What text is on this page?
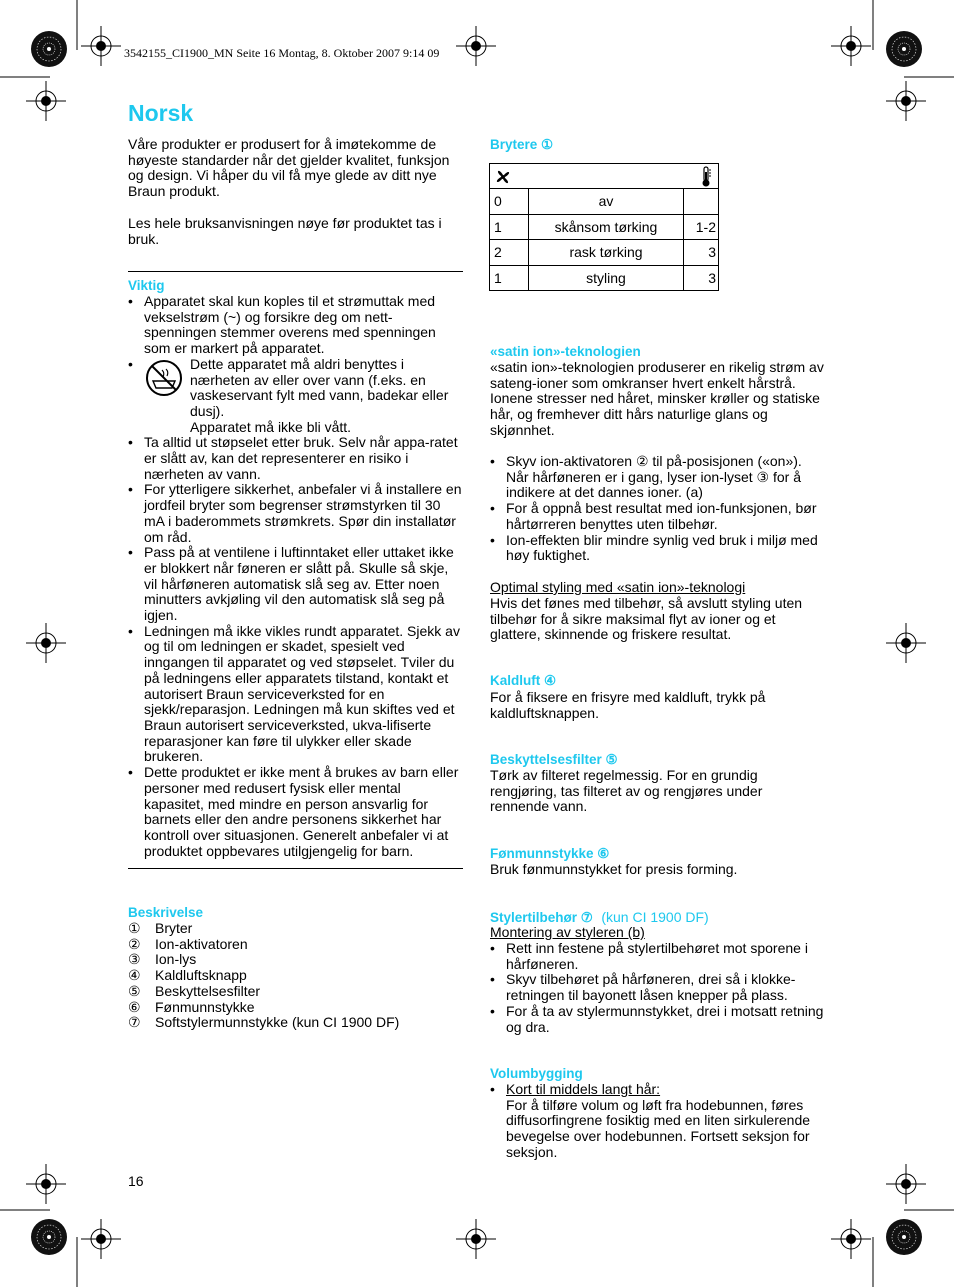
3542155_CI1900_MN Seite 16 Montag, 8. Oktober 2007 9:14 09
Norsk
Våre produkter er produsert for å imøtekomme de høyeste standarder når det gjelder kvalitet, funksjon og design. Vi håper du vil få mye glede av ditt nye Braun produkt.
Les hele bruksanvisningen nøye før produktet tas i bruk.
Viktig
• Apparatet skal kun koples til et strømuttak med vekselstrøm (~) og forsikre deg om nett-spenningen stemmer overens med spenningen som er markert på apparatet.
• Dette apparatet må aldri benyttes i nærheten av eller over vann (f.eks. en vaskeservant fylt med vann, badekar eller dusj).
Apparatet må ikke bli vått.
• Ta alltid ut støpselet etter bruk. Selv når appa-ratet er slått av, kan det representerer en risiko i nærheten av vann.
• For ytterligere sikkerhet, anbefaler vi å installere en jordfeil bryter som begrenser strømstyrken til 30 mA i baderommets strømkrets. Spør din installatør om råd.
• Pass på at ventilene i luftinntaket eller uttaket ikke er blokkert når føneren er slått på. Skulle så skje, vil hårføneren automatisk slå seg av. Etter noen minutters avkjøling vil den automatisk slå seg på igjen.
• Ledningen må ikke vikles rundt apparatet. Sjekk av og til om ledningen er skadet, spesielt ved inngangen til apparatet og ved støpselet. Tviler du på ledningens eller apparatets tilstand, kontakt et autorisert Braun serviceverksted for en sjekk/reparasjon. Ledningen må kun skiftes ved et Braun autorisert serviceverksted, ukva-lifiserte reparasjoner kan føre til ulykker eller skade brukeren.
• Dette produktet er ikke ment å brukes av barn eller personer med redusert fysisk eller mental kapasitet, med mindre en person ansvarlig for barnets eller den andre personens sikkerhet har kontroll over situasjonen. Generelt anbefaler vi at produktet oppbevares utilgjengelig for barn.
Beskrivelse
① Bryter
② Ion-aktivatoren
③ Ion-lys
④ Kaldluftsknapp
⑤ Beskyttelsesfilter
⑥ Fønmunnstykke
⑦ Softstylermunnstykke (kun CI 1900 DF)
16
Brytere ①

0	av	
1	skånsom tørking	1-2
2	rask tørking	3
1	styling	3
«satin ion»-teknologien
«satin ion»-teknologien produserer en rikelig strøm av sateng-ioner som omkranser hvert enkelt hårstrå. Ionene stresser ned håret, minsker krøller og statiske hår, og fremhever ditt hårs naturlige glans og skjønnhet.
• Skyv ion-aktivatoren ② til på-posisjonen («on»). Når hårføneren er i gang, lyser ion-lyset ③ for å indikere at det dannes ioner. (a)
• For å oppnå best resultat med ion-funksjonen, bør hårtørreren benyttes uten tilbehør.
• Ion-effekten blir mindre synlig ved bruk i miljø med høy fuktighet.
Optimal styling med «satin ion»-teknologi
Hvis det fønes med tilbehør, så avslutt styling uten tilbehør for å sikre maksimal flyt av ioner og et glattere, skinnende og friskere resultat.
Kaldluft ④
For å fiksere en frisyre med kaldluft, trykk på kaldluftsknappen.
Beskyttelsesfilter ⑤
Tørk av filteret regelmessig. For en grundig rengjøring, tas filteret av og rengjøres under rennende vann.
Fønmunnstykke ⑥
Bruk fønmunnstykket for presis forming.
Stylertilbehør ⑦ (kun CI 1900 DF)
Montering av styleren (b)
• Rett inn festene på stylertilbehøret mot sporene i hårføneren.
• Skyv tilbehøret på hårføneren, drei så i klokke-retningen til bayonett låsen knepper på plass.
• For å ta av stylermunnstykket, drei i motsatt retning og dra.
Volumbygging
• Kort til middels langt hår:
For å tilføre volum og løft fra hodebunnen, føres diffusorfingrene fosiktig med en liten sirkulerende bevegelse over hodebunnen. Fortsett seksjon for seksjon.
